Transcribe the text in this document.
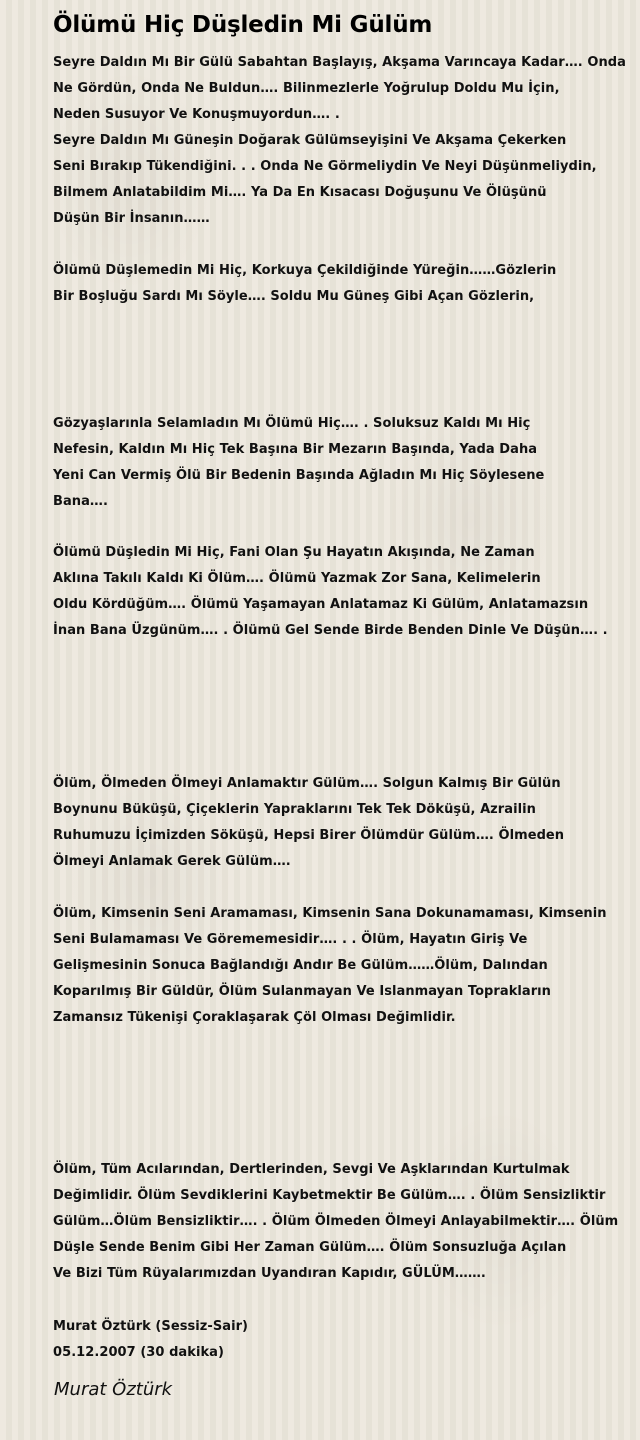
Ölümü Hiç Düşledin Mi Gülüm
Seyre Daldın Mı Bir Gülü Sabahtan Başlayış, Akşama Varıncaya Kadar…. Onda
Ne Gördün, Onda Ne Buldun…. Bilinmezlerle Yoğrulup Doldu Mu İçin,
Neden Susuyor Ve Konuşmuyordun…. .
Seyre Daldın Mı Güneşin Doğarak Gülümseyişini Ve Akşama Çekerken
Seni Bırakıp Tükendiğini. . . Onda Ne Görmeliydin Ve Neyi Düşünmeliydin,
Bilmem Anlatabildim Mi…. Ya Da En Kısacası Doğuşunu Ve Ölüşünü
Düşün Bir İnsanın……
Ölümü Düşlemedin Mi Hiç, Korkuya Çekildiğinde Yüreğin……Gözlerin
Bir Boşluğu Sardı Mı Söyle…. Soldu Mu Güneş Gibi Açan Gözlerin,
Gözyaşlarınla Selamladın Mı Ölümü Hiç…. . Soluksuz Kaldı Mı Hiç
Nefesin, Kaldın Mı Hiç Tek Başına Bir Mezarın Başında, Yada Daha
Yeni Can Vermiş Ölü Bir Bedenin Başında Ağladın Mı Hiç Söylesene
Bana….
Ölümü Düşledin Mi Hiç, Fani Olan Şu Hayatın Akışında, Ne Zaman
Aklına Takılı Kaldı Ki Ölüm…. Ölümü Yazmak Zor Sana, Kelimelerin
Oldu Kördüğüm…. Ölümü Yaşamayan Anlatamaz Ki Gülüm, Anlatamazsın
İnan Bana Üzgünüm…. . Ölümü Gel Sende Birde Benden Dinle Ve Düşün…. .
Ölüm, Ölmeden Ölmeyi Anlamaktır Gülüm…. Solgun Kalmış Bir Gülün
Boynunu Büküşü, Çiçeklerin Yapraklarını Tek Tek Döküşü, Azrailin
Ruhumuzu İçimizden Söküşü, Hepsi Birer Ölümdür Gülüm…. Ölmeden
Ölmeyi Anlamak Gerek Gülüm….
Ölüm, Kimsenin Seni Aramaması, Kimsenin Sana Dokunamaması, Kimsenin
Seni Bulamaması Ve Görememesidir…. . . Ölüm, Hayatın Giriş Ve
Gelişmesinin Sonuca Bağlandığı Andır Be Gülüm……Ölüm, Dalından
Koparılmış Bir Güldür, Ölüm Sulanmayan Ve Islanmayan Toprakların
Zamansız Tükenişi Çoraklaşarak Çöl Olması Değimlidir.
Ölüm, Tüm Acılarından, Dertlerinden, Sevgi Ve Aşklarından Kurtulmak
Değimlidir. Ölüm Sevdiklerini Kaybetmektir Be Gülüm…. . Ölüm Sensizliktir
Gülüm…Ölüm Bensizliktir…. . Ölüm Ölmeden Ölmeyi Anlayabilmektir…. Ölüm
Düşle Sende Benim Gibi Her Zaman Gülüm…. Ölüm Sonsuzluğa Açılan
Ve Bizi Tüm Rüyalarımızdan Uyandıran Kapıdır, GÜLÜM…….
Murat Öztürk (Sessiz-Sair)
05.12.2007 (30 dakika)
Murat Öztürk
